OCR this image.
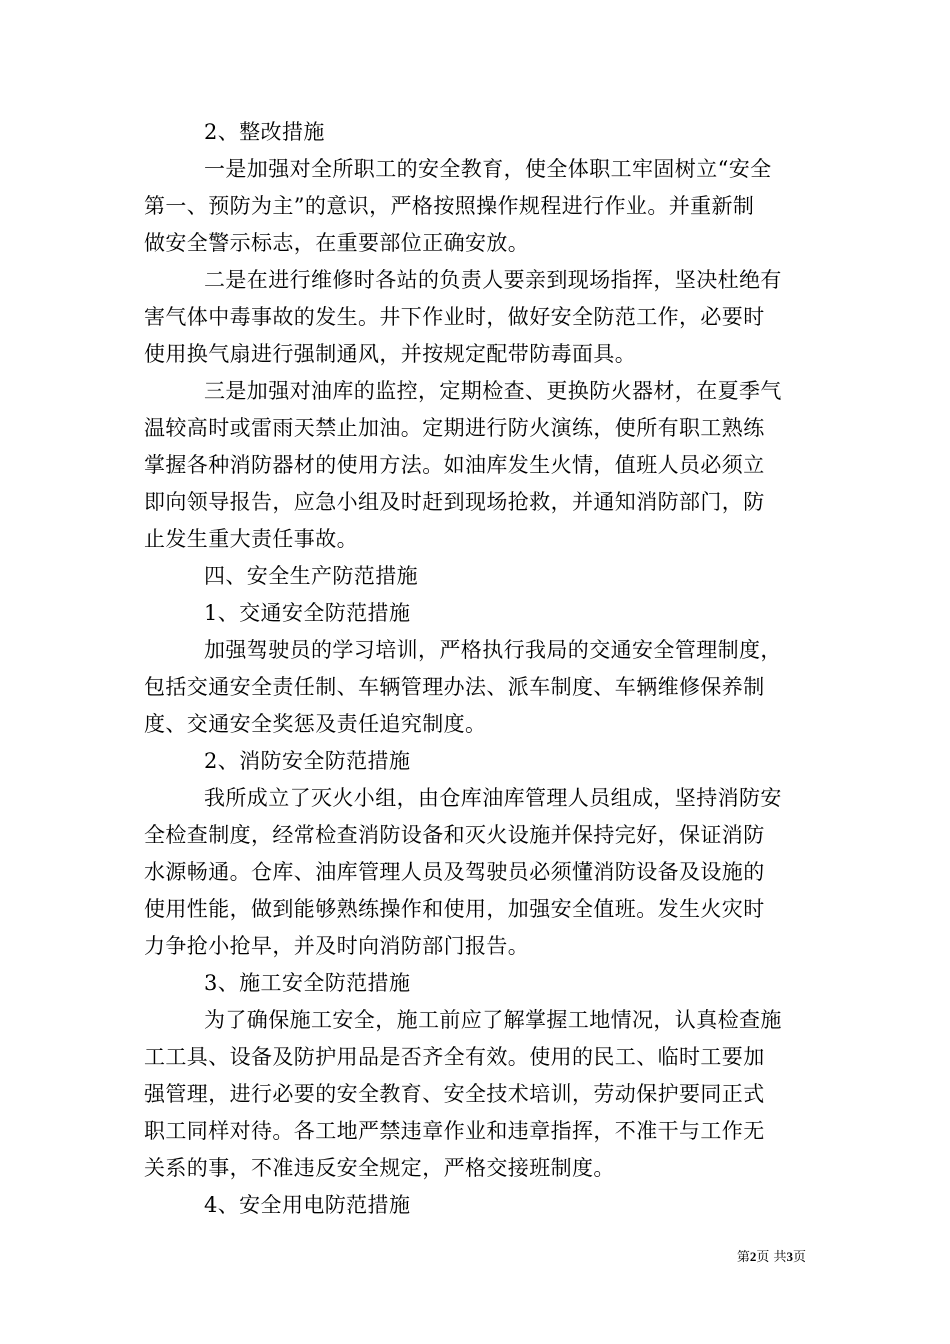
2、整改措施
一是加强对全所职工的安全教育，使全体职工牢固树立“安全
第一、预防为主”的意识，严格按照操作规程进行作业。并重新制
做安全警示标志，在重要部位正确安放。
二是在进行维修时各站的负责人要亲到现场指挥，坚决杜绝有
害气体中毒事故的发生。井下作业时，做好安全防范工作，必要时
使用换气扇进行强制通风，并按规定配带防毒面具。
三是加强对油库的监控，定期检查、更换防火器材，在夏季气
温较高时或雷雨天禁止加油。定期进行防火演练，使所有职工熟练
掌握各种消防器材的使用方法。如油库发生火情，值班人员必须立
即向领导报告，应急小组及时赶到现场抢救，并通知消防部门，防
止发生重大责任事故。
四、安全生产防范措施
1、交通安全防范措施
加强驾驶员的学习培训，严格执行我局的交通安全管理制度，
包括交通安全责任制、车辆管理办法、派车制度、车辆维修保养制
度、交通安全奖惩及责任追究制度。
2、消防安全防范措施
我所成立了灭火小组，由仓库油库管理人员组成，坚持消防安
全检查制度，经常检查消防设备和灭火设施并保持完好，保证消防
水源畅通。仓库、油库管理人员及驾驶员必须懂消防设备及设施的
使用性能，做到能够熟练操作和使用，加强安全值班。发生火灾时
力争抢小抢早，并及时向消防部门报告。
3、施工安全防范措施
为了确保施工安全，施工前应了解掌握工地情况，认真检查施
工工具、设备及防护用品是否齐全有效。使用的民工、临时工要加
强管理，进行必要的安全教育、安全技术培训，劳动保护要同正式
职工同样对待。各工地严禁违章作业和违章指挥，不准干与工作无
关系的事，不准违反安全规定，严格交接班制度。
4、安全用电防范措施
第2页 共3页
